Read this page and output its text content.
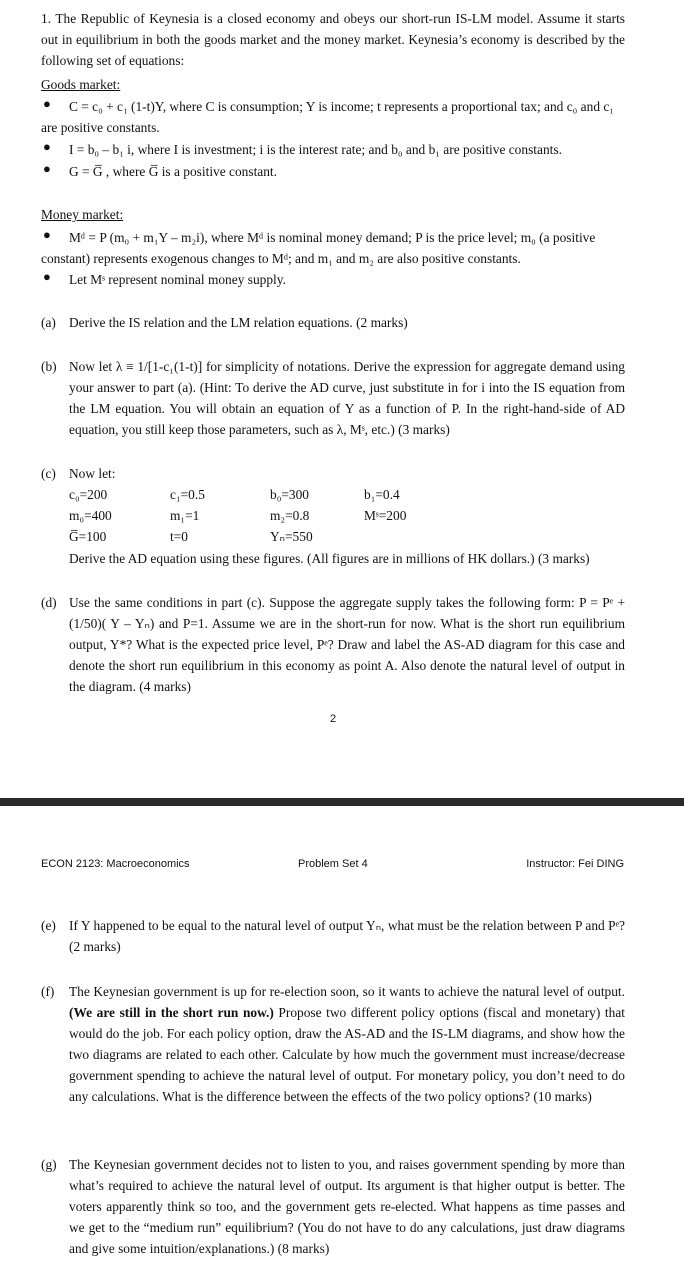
1. The Republic of Keynesia is a closed economy and obeys our short-run IS-LM model. Assume it starts out in equilibrium in both the goods market and the money market. Keynesia’s economy is described by the following set of equations:
Goods market:
●	C = c₀ + c₁ (1-t)Y, where C is consumption; Y is income; t represents a proportional tax; and c₀ and c₁ are positive constants.
● I = b₀ – b₁ i, where I is investment; i is the interest rate; and b₀ and b₁ are positive constants.
● G = G̅ , where G̅ is a positive constant.
Money market:
●	Mᵈ = P (m₀ + m₁Y – m₂i), where Mᵈ is nominal money demand; P is the price level; m₀ (a positive constant) represents exogenous changes to Mᵈ; and m₁ and m₂ are also positive constants.
● Let Mˢ represent nominal money supply.
(a) Derive the IS relation and the LM relation equations. (2 marks)
(b) Now let λ ≡ 1/[1-c₁(1-t)] for simplicity of notations. Derive the expression for aggregate demand using your answer to part (a). (Hint: To derive the AD curve, just substitute in for i into the IS equation from the LM equation. You will obtain an equation of Y as a function of P. In the right-hand-side of AD equation, you still keep those parameters, such as λ, Mˢ, etc.) (3 marks)
(c) Now let:
c₀=200	c₁=0.5	b₀=300	b₁=0.4
m₀=400	m₁=1	m₂=0.8	Mˢ=200
G̅=100	t=0	Yₙ=550
Derive the AD equation using these figures. (All figures are in millions of HK dollars.) (3 marks)
(d) Use the same conditions in part (c). Suppose the aggregate supply takes the following form: P = Pᵉ + (1/50)( Y – Yₙ) and P=1. Assume we are in the short-run for now. What is the short run equilibrium output, Y*? What is the expected price level, Pᵉ? Draw and label the AS-AD diagram for this case and denote the short run equilibrium in this economy as point A. Also denote the natural level of output in the diagram. (4 marks)
2
ECON 2123: Macroeconomics	Problem Set 4	Instructor: Fei DING
(e) If Y happened to be equal to the natural level of output Yₙ, what must be the relation between P and Pᵉ? (2 marks)
(f) The Keynesian government is up for re-election soon, so it wants to achieve the natural level of output. (We are still in the short run now.) Propose two different policy options (fiscal and monetary) that would do the job. For each policy option, draw the AS-AD and the IS-LM diagrams, and show how the two diagrams are related to each other. Calculate by how much the government must increase/decrease government spending to achieve the natural level of output. For monetary policy, you don’t need to do any calculations. What is the difference between the effects of the two policy options? (10 marks)
(g) The Keynesian government decides not to listen to you, and raises government spending by more than what’s required to achieve the natural level of output. Its argument is that higher output is better. The voters apparently think so too, and the government gets re-elected. What happens as time passes and we get to the “medium run” equilibrium? (You do not have to do any calculations, just draw diagrams and give some intuition/explanations.) (8 marks)
